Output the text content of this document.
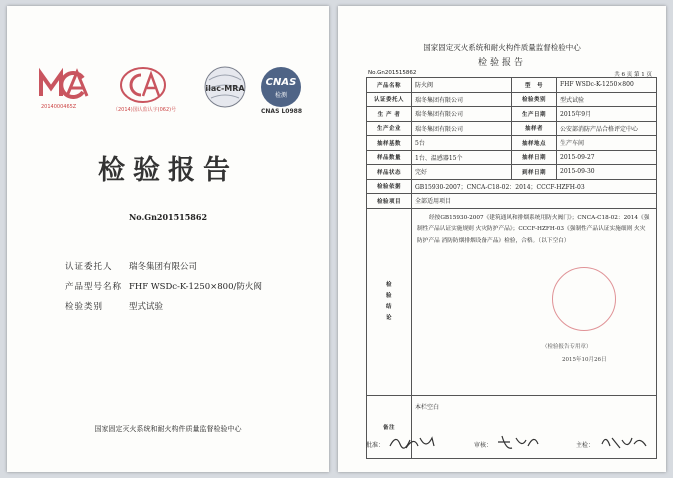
2014000465Z	（2014)国认监认字(062)号
ilac-MRA
CNAS
检测
CNAS L0988
检验报告
No.Gn201515862
认证委托人	瑞冬集团有限公司
产品型号名称 FHF WSDc-K-1250×800/防火阀
检验类别	型式试验
国家固定灭火系统和耐火构件质量监督检验中心
国家固定灭火系统和耐火构件质量监督检验中心
检验报告
No.Gn201515862	共 6 页 第 1 页
产品名称	防火阀	型　号	FHF WSDc-K-1250×800
认证委托人	瑞冬集团有限公司	检验类别	型式试验
生 产 者	瑞冬集团有限公司	生产日期	2015年9月
生产企业	瑞冬集团有限公司	抽样者	公安部消防产品合格评定中心
抽样基数	5台	抽样地点	生产车间
样品数量	1台、温感器15个	抽样日期	2015-09-27
样品状态	完好	到样日期	2015-09-30
检验依据	GB15930-2007；CNCA-C18-02：2014；CCCF-HZFH-03		
检验项目	全部适用项目		
检验结论	经按GB15930-2007《建筑通风和排烟系统用防火阀门》；CNCA-C18-02：2014《强制性产品认证实施规则 火灾防护产品》；CCCF-HZFH-03《强制性产品认证实施细则 火灾防护产品 消防防烟排烟设备产品》检验，合格。（以下空白）
（检验报告专用章）
2015年10月26日		

备注	本栏空白		
批准：	审核：	主检：
